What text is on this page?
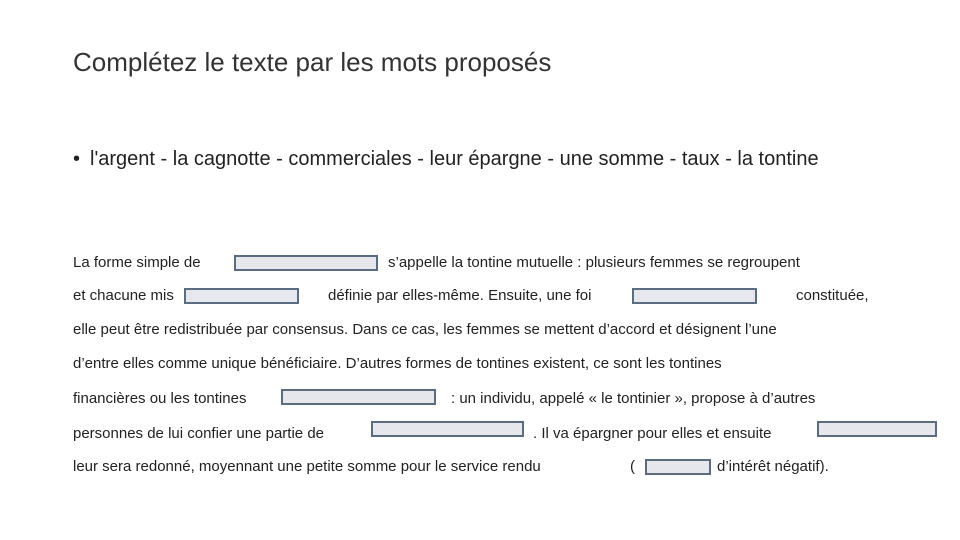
Complétez le texte par les mots proposés
• l'argent - la cagnotte - commerciales - leur épargne - une somme - taux - la tontine
La forme simple de	s’appelle la tontine mutuelle : plusieurs femmes se regroupent
et chacune mis	définie par elles-même. Ensuite, une foi	constituée,
elle peut être redistribuée par consensus. Dans ce cas, les femmes se mettent d’accord et désignent l’une
d’entre elles comme unique bénéficiaire. D’autres formes de tontines existent, ce sont les tontines
financières ou les tontines	: un individu, appelé « le tontinier », propose à d’autres
personnes de lui confier une partie de	. Il va épargner pour elles et ensuite
leur sera redonné, moyennant une petite somme pour le service rendu	(	d’intérêt négatif).
